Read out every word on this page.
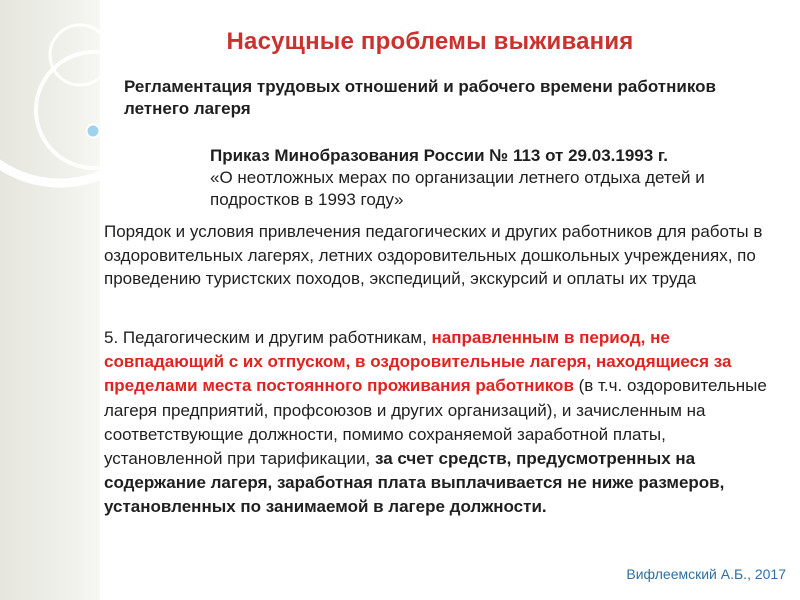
Насущные проблемы выживания
Регламентация трудовых отношений и рабочего времени работников летнего лагеря
Приказ Минобразования России № 113 от 29.03.1993 г.
«О неотложных мерах по организации летнего отдыха детей и подростков в 1993 году»
Порядок и условия привлечения педагогических и других работников для работы в оздоровительных лагерях, летних оздоровительных дошкольных учреждениях, по проведению туристских походов, экспедиций, экскурсий и оплаты их труда
5. Педагогическим и другим работникам, направленным в период, не совпадающий с их отпуском, в оздоровительные лагеря, находящиеся за пределами места постоянного проживания работников (в т.ч. оздоровительные лагеря предприятий, профсоюзов и других организаций), и зачисленным на соответствующие должности, помимо сохраняемой заработной платы, установленной при тарификации, за счет средств, предусмотренных на содержание лагеря, заработная плата выплачивается не ниже размеров, установленных по занимаемой в лагере должности.
Вифлеемский А.Б., 2017
